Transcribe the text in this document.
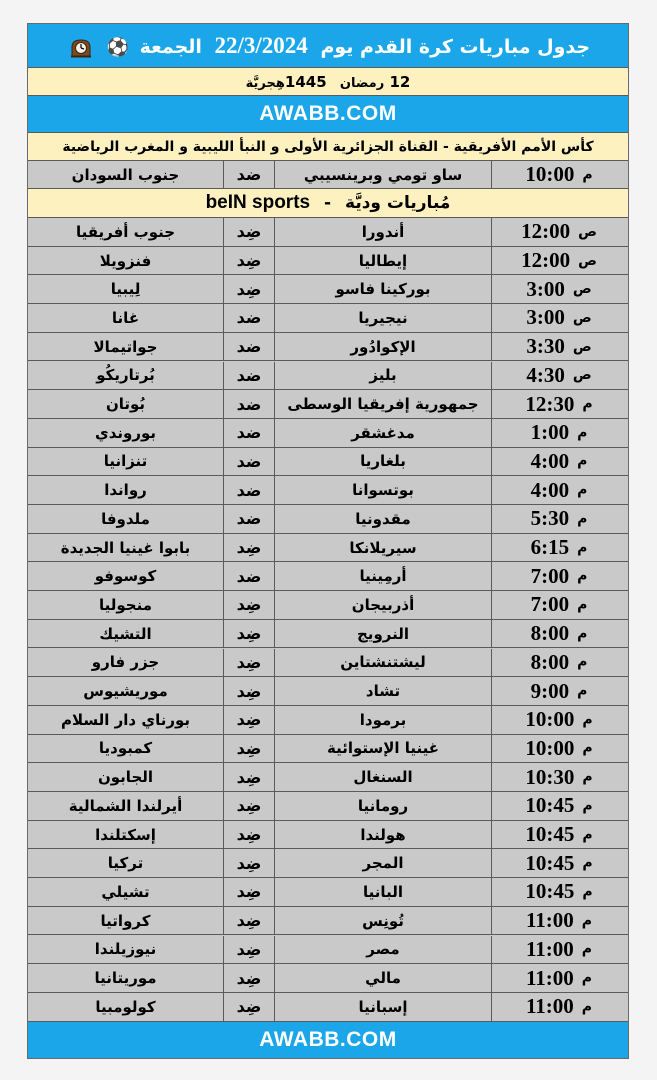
جدول مباريات كرة القدم يوم 22/3/2024 الجمعة ⚽
12 رمضان 1445هِجريَّة
AWABB.COM
كأس الأمم الأفريقية - القناة الجزائرية الأولى و النبأ الليبية و المغرب الرياضية
م
10:00
ساو تومي وبرينسيبي
ضد
جنوب السودان
مُباريات وديَّة - beIN sports
ص
12:00
أندورا
ضِد
جنوب أفريقيا
ص
12:00
إيطاليا
ضِد
فنزويلا
ص
3:00
بوركينا فاسو
ضِد
لِيبيا
ص
3:00
نيجيريا
ضد
غانا
ص
3:30
الإكوادُور
ضد
جواتيمالا
ص
4:30
بليز
ضد
بُرتاريكُو
م
12:30
جمهورية إفريقيا الوسطى
ضد
بُوتان
م
1:00
مدغشقر
ضد
بوروندي
م
4:00
بلغاريا
ضد
تنزانيا
م
4:00
بوتسوانا
ضد
رواندا
م
5:30
مقدونيا
ضد
ملدوفا
م
6:15
سيريلانكا
ضِد
بابوا غينيا الجديدة
م
7:00
أرمِينيا
ضد
كوسوفو
م
7:00
أذربيجان
ضِد
منجوليا
م
8:00
النرويج
ضِد
التشيك
م
8:00
ليشتنشتاين
ضِد
جزر فارو
م
9:00
تشاد
ضِد
موريشيوس
م
10:00
برمودا
ضِد
بورناي دار السلام
م
10:00
غينيا الإستوائية
ضِد
كمبوديا
م
10:30
السنغال
ضِد
الجابون
م
10:45
رومانيا
ضِد
أيرلندا الشمالية
م
10:45
هولندا
ضِد
إسكتلندا
م
10:45
المجر
ضِد
تركيا
م
10:45
البانيا
ضِد
تشيلي
م
11:00
تُونِس
ضِد
كرواتيا
م
11:00
مصر
ضِد
نيوزيلندا
م
11:00
مالي
ضِد
موريتانيا
م
11:00
إسبانيا
ضِد
كولومبيا
AWABB.COM
